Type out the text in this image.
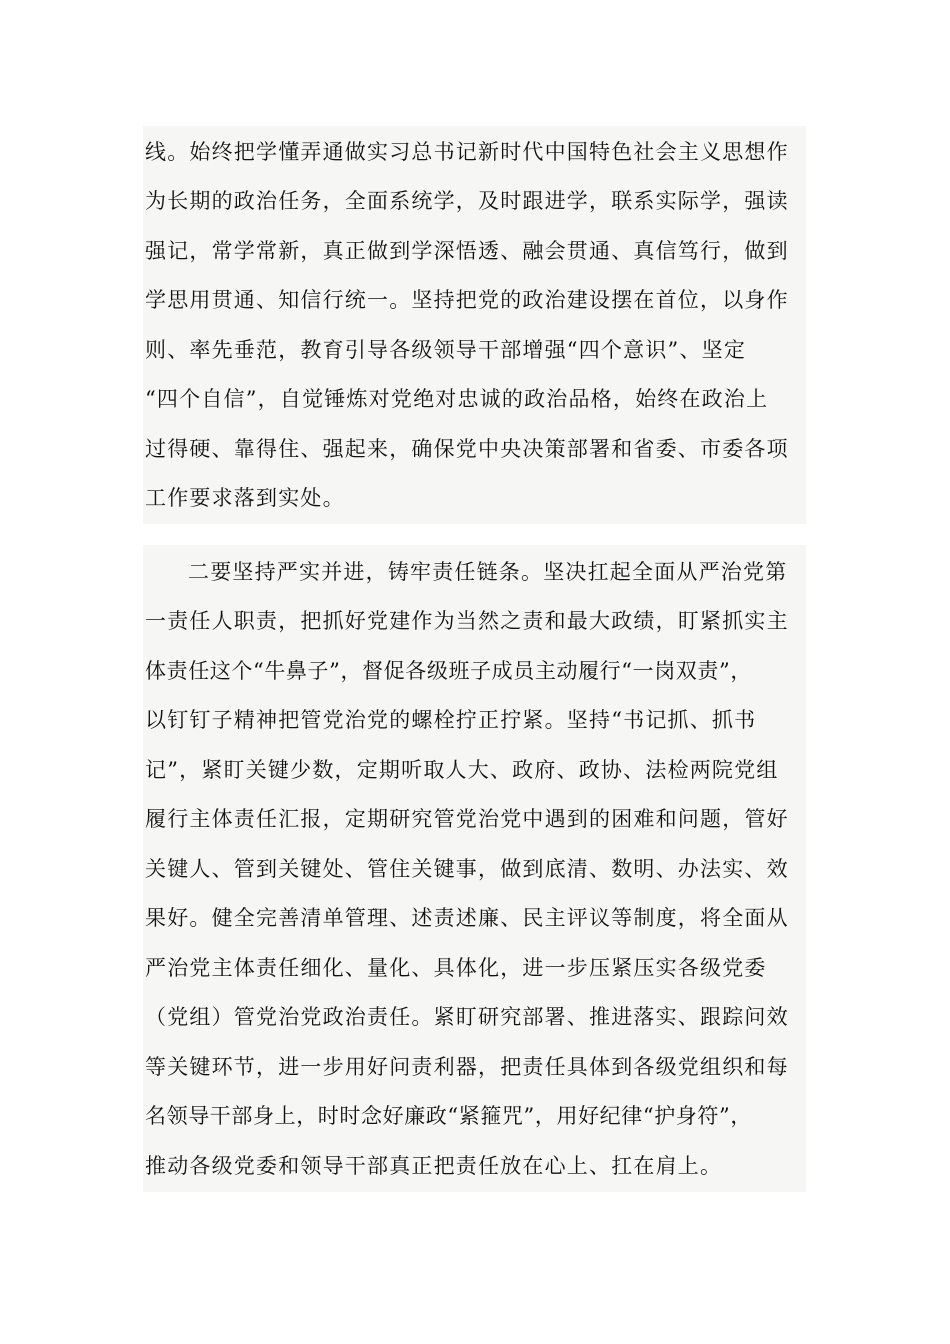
线。始终把学懂弄通做实习总书记新时代中国特色社会主义思想作
为长期的政治任务，全面系统学，及时跟进学，联系实际学，强读
强记，常学常新，真正做到学深悟透、融会贯通、真信笃行，做到
学思用贯通、知信行统一。坚持把党的政治建设摆在首位，以身作
则、率先垂范，教育引导各级领导干部增强“四个意识”、坚定
“四个自信”，自觉锤炼对党绝对忠诚的政治品格，始终在政治上
过得硬、靠得住、强起来，确保党中央决策部署和省委、市委各项
工作要求落到实处。
二要坚持严实并进，铸牢责任链条。坚决扛起全面从严治党第
一责任人职责，把抓好党建作为当然之责和最大政绩，盯紧抓实主
体责任这个“牛鼻子”，督促各级班子成员主动履行“一岗双责”，
以钉钉子精神把管党治党的螺栓拧正拧紧。坚持“书记抓、抓书
记”，紧盯关键少数，定期听取人大、政府、政协、法检两院党组
履行主体责任汇报，定期研究管党治党中遇到的困难和问题，管好
关键人、管到关键处、管住关键事，做到底清、数明、办法实、效
果好。健全完善清单管理、述责述廉、民主评议等制度，将全面从
严治党主体责任细化、量化、具体化，进一步压紧压实各级党委
（党组）管党治党政治责任。紧盯研究部署、推进落实、跟踪问效
等关键环节，进一步用好问责利器，把责任具体到各级党组织和每
名领导干部身上，时时念好廉政“紧箍咒”，用好纪律“护身符”，
推动各级党委和领导干部真正把责任放在心上、扛在肩上。
